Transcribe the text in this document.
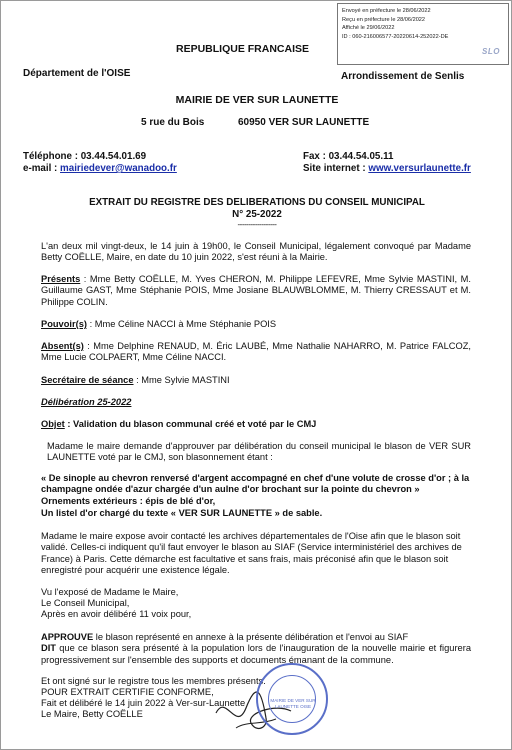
Envoyé en préfecture le 28/06/2022
Reçu en préfecture le 28/06/2022
Affiché le 29/06/2022
ID : 060-216006577-20220614-252022-DE
SLO
REPUBLIQUE FRANCAISE
Département de l'OISE	Arrondissement de Senlis
MAIRIE DE VER SUR LAUNETTE
5 rue du Bois	60950 VER SUR LAUNETTE
Téléphone : 03.44.54.01.69
e-mail : mairiedever@wanadoo.fr
Fax : 03.44.54.05.11
Site internet : www.versurlaunette.fr
EXTRAIT DU REGISTRE DES DELIBERATIONS DU CONSEIL MUNICIPAL
N° 25-2022
------------------
L'an deux mil vingt-deux, le 14 juin à 19h00, le Conseil Municipal, légalement convoqué par Madame Betty COËLLE, Maire, en date du 10 juin 2022, s'est réuni à la Mairie.
Présents : Mme Betty COËLLE, M. Yves CHERON, M. Philippe LEFEVRE, Mme Sylvie MASTINI, M. Guillaume GAST, Mme Stéphanie POIS, Mme Josiane BLAUWBLOMME, M. Thierry CRESSAUT et M. Philippe COLIN.
Pouvoir(s) : Mme Céline NACCI à Mme Stéphanie POIS
Absent(s) : Mme Delphine RENAUD, M. Éric LAUBÉ, Mme Nathalie NAHARRO, M. Patrice FALCOZ, Mme Lucie COLPAERT, Mme Céline NACCI.
Secrétaire de séance : Mme Sylvie MASTINI
Délibération 25-2022
Objet : Validation du blason communal créé et voté par le CMJ
Madame le maire demande d'approuver par délibération du conseil municipal le blason de VER SUR LAUNETTE voté par le CMJ, son blasonnement étant :
« De sinople au chevron renversé d'argent accompagné en chef d'une volute de crosse d'or ; à la champagne ondée d'azur chargée d'un aulne d'or brochant sur la pointe du chevron »
Ornements extérieurs : épis de blé d'or,
Un listel d'or chargé du texte « VER SUR LAUNETTE » de sable.
Madame le maire expose avoir contacté les archives départementales de l'Oise afin que le blason soit validé. Celles-ci indiquent qu'il faut envoyer le blason au SIAF (Service interministériel des archives de France) à Paris. Cette démarche est facultative et sans frais, mais préconisé afin que le blason soit enregistré pour acquérir une existence légale.
Vu l'exposé de Madame le Maire,
Le Conseil Municipal,
Après en avoir délibéré 11 voix pour,
APPROUVE le blason représenté en annexe à la présente délibération et l'envoi au SIAF
DIT que ce blason sera présenté à la population lors de l'inauguration de la nouvelle mairie et figurera progressivement sur l'ensemble des supports et documents émanant de la commune.
Et ont signé sur le registre tous les membres présents.
POUR EXTRAIT CERTIFIE CONFORME,
Fait et délibéré le 14 juin 2022 à Ver-sur-Launette
Le Maire, Betty COËLLE
MAIRIE DE VER SUR LAUNETTE OISE
